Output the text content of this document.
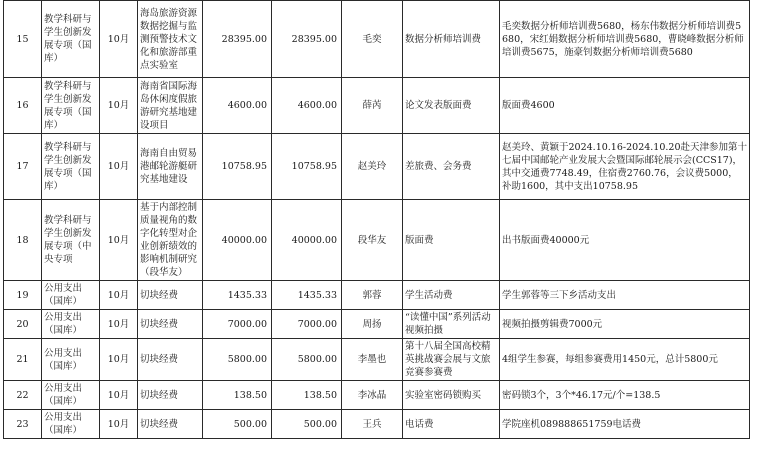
15	教学科研与学生创新发展专项（国库）	10月	海岛旅游资源数据挖掘与监测预警技术文化和旅游部重点实验室	28395.00	28395.00	毛奕	数据分析师培训费	毛奕数据分析师培训费5680，杨东伟数据分析师培训费5680，宋红娟数据分析师培训费5680，曹晓峰数据分析师培训费5675，施豪钊数据分析师培训费5680
16	教学科研与学生创新发展专项（国库）	10月	海南省国际海岛休闲度假旅游研究基地建设项目	4600.00	4600.00	薛芮	论文发表版面费	版面费4600
17	教学科研与学生创新发展专项（国库）	10月	海南自由贸易港邮轮游艇研究基地建设	10758.95	10758.95	赵美玲	差旅费、会务费	赵美玲、黄颖于2024.10.16-2024.10.20赴天津参加第十七届中国邮轮产业发展大会暨国际邮轮展示会(CCS17)，其中交通费7748.49，住宿费2760.76，会议费5000，补助1600，其中支出10758.95
18	教学科研与学生创新发展专项（中央专项	10月	基于内部控制质量视角的数字化转型对企业创新绩效的影响机制研究（段华友）	40000.00	40000.00	段华友	版面费	出书版面费40000元
19	公用支出（国库）	10月	切块经费	1435.33	1435.33	郭蓉	学生活动费	学生郭蓉等三下乡活动支出
20	公用支出（国库）	10月	切块经费	7000.00	7000.00	周扬	“读懂中国”系列活动视频拍摄	视频拍摄剪辑费7000元
21	公用支出（国库）	10月	切块经费	5800.00	5800.00	李墨也	第十八届全国高校精英挑战赛会展与文旅竞赛参赛费	4组学生参赛，每组参赛费用1450元，总计5800元
22	公用支出（国库）	10月	切块经费	138.50	138.50	李冰晶	实验室密码锁购买	密码锁3个，3个*46.17元/个=138.5
23	公用支出（国库）	10月	切块经费	500.00	500.00	王兵	电话费	学院座机089888651759电话费
